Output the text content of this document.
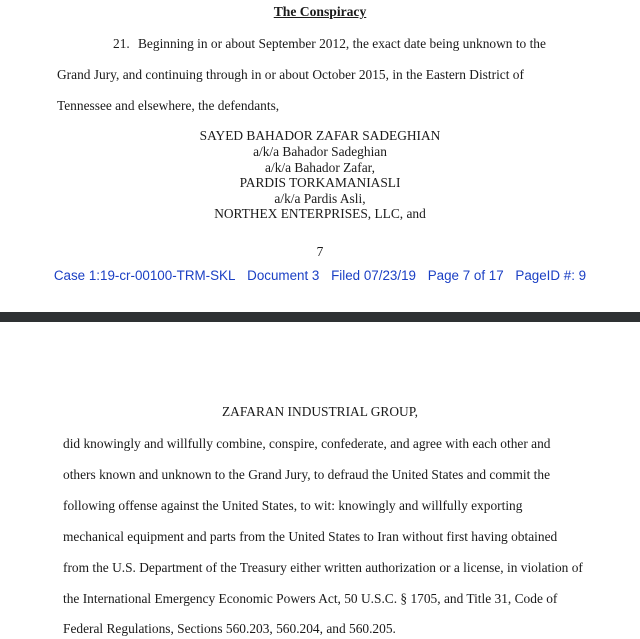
The Conspiracy
21. Beginning in or about September 2012, the exact date being unknown to the
Grand Jury, and continuing through in or about October 2015, in the Eastern District of
Tennessee and elsewhere, the defendants,
SAYED BAHADOR ZAFAR SADEGHIAN
a/k/a Bahador Sadeghian
a/k/a Bahador Zafar,
PARDIS TORKAMANIASLI
a/k/a Pardis Asli,
NORTHEX ENTERPRISES, LLC, and
7
Case 1:19-cr-00100-TRM-SKL Document 3 Filed 07/23/19 Page 7 of 17 PageID #: 9
ZAFARAN INDUSTRIAL GROUP,
did knowingly and willfully combine, conspire, confederate, and agree with each other and
others known and unknown to the Grand Jury, to defraud the United States and commit the
following offense against the United States, to wit: knowingly and willfully exporting
mechanical equipment and parts from the United States to Iran without first having obtained
from the U.S. Department of the Treasury either written authorization or a license, in violation of
the International Emergency Economic Powers Act, 50 U.S.C. § 1705, and Title 31, Code of
Federal Regulations, Sections 560.203, 560.204, and 560.205.
